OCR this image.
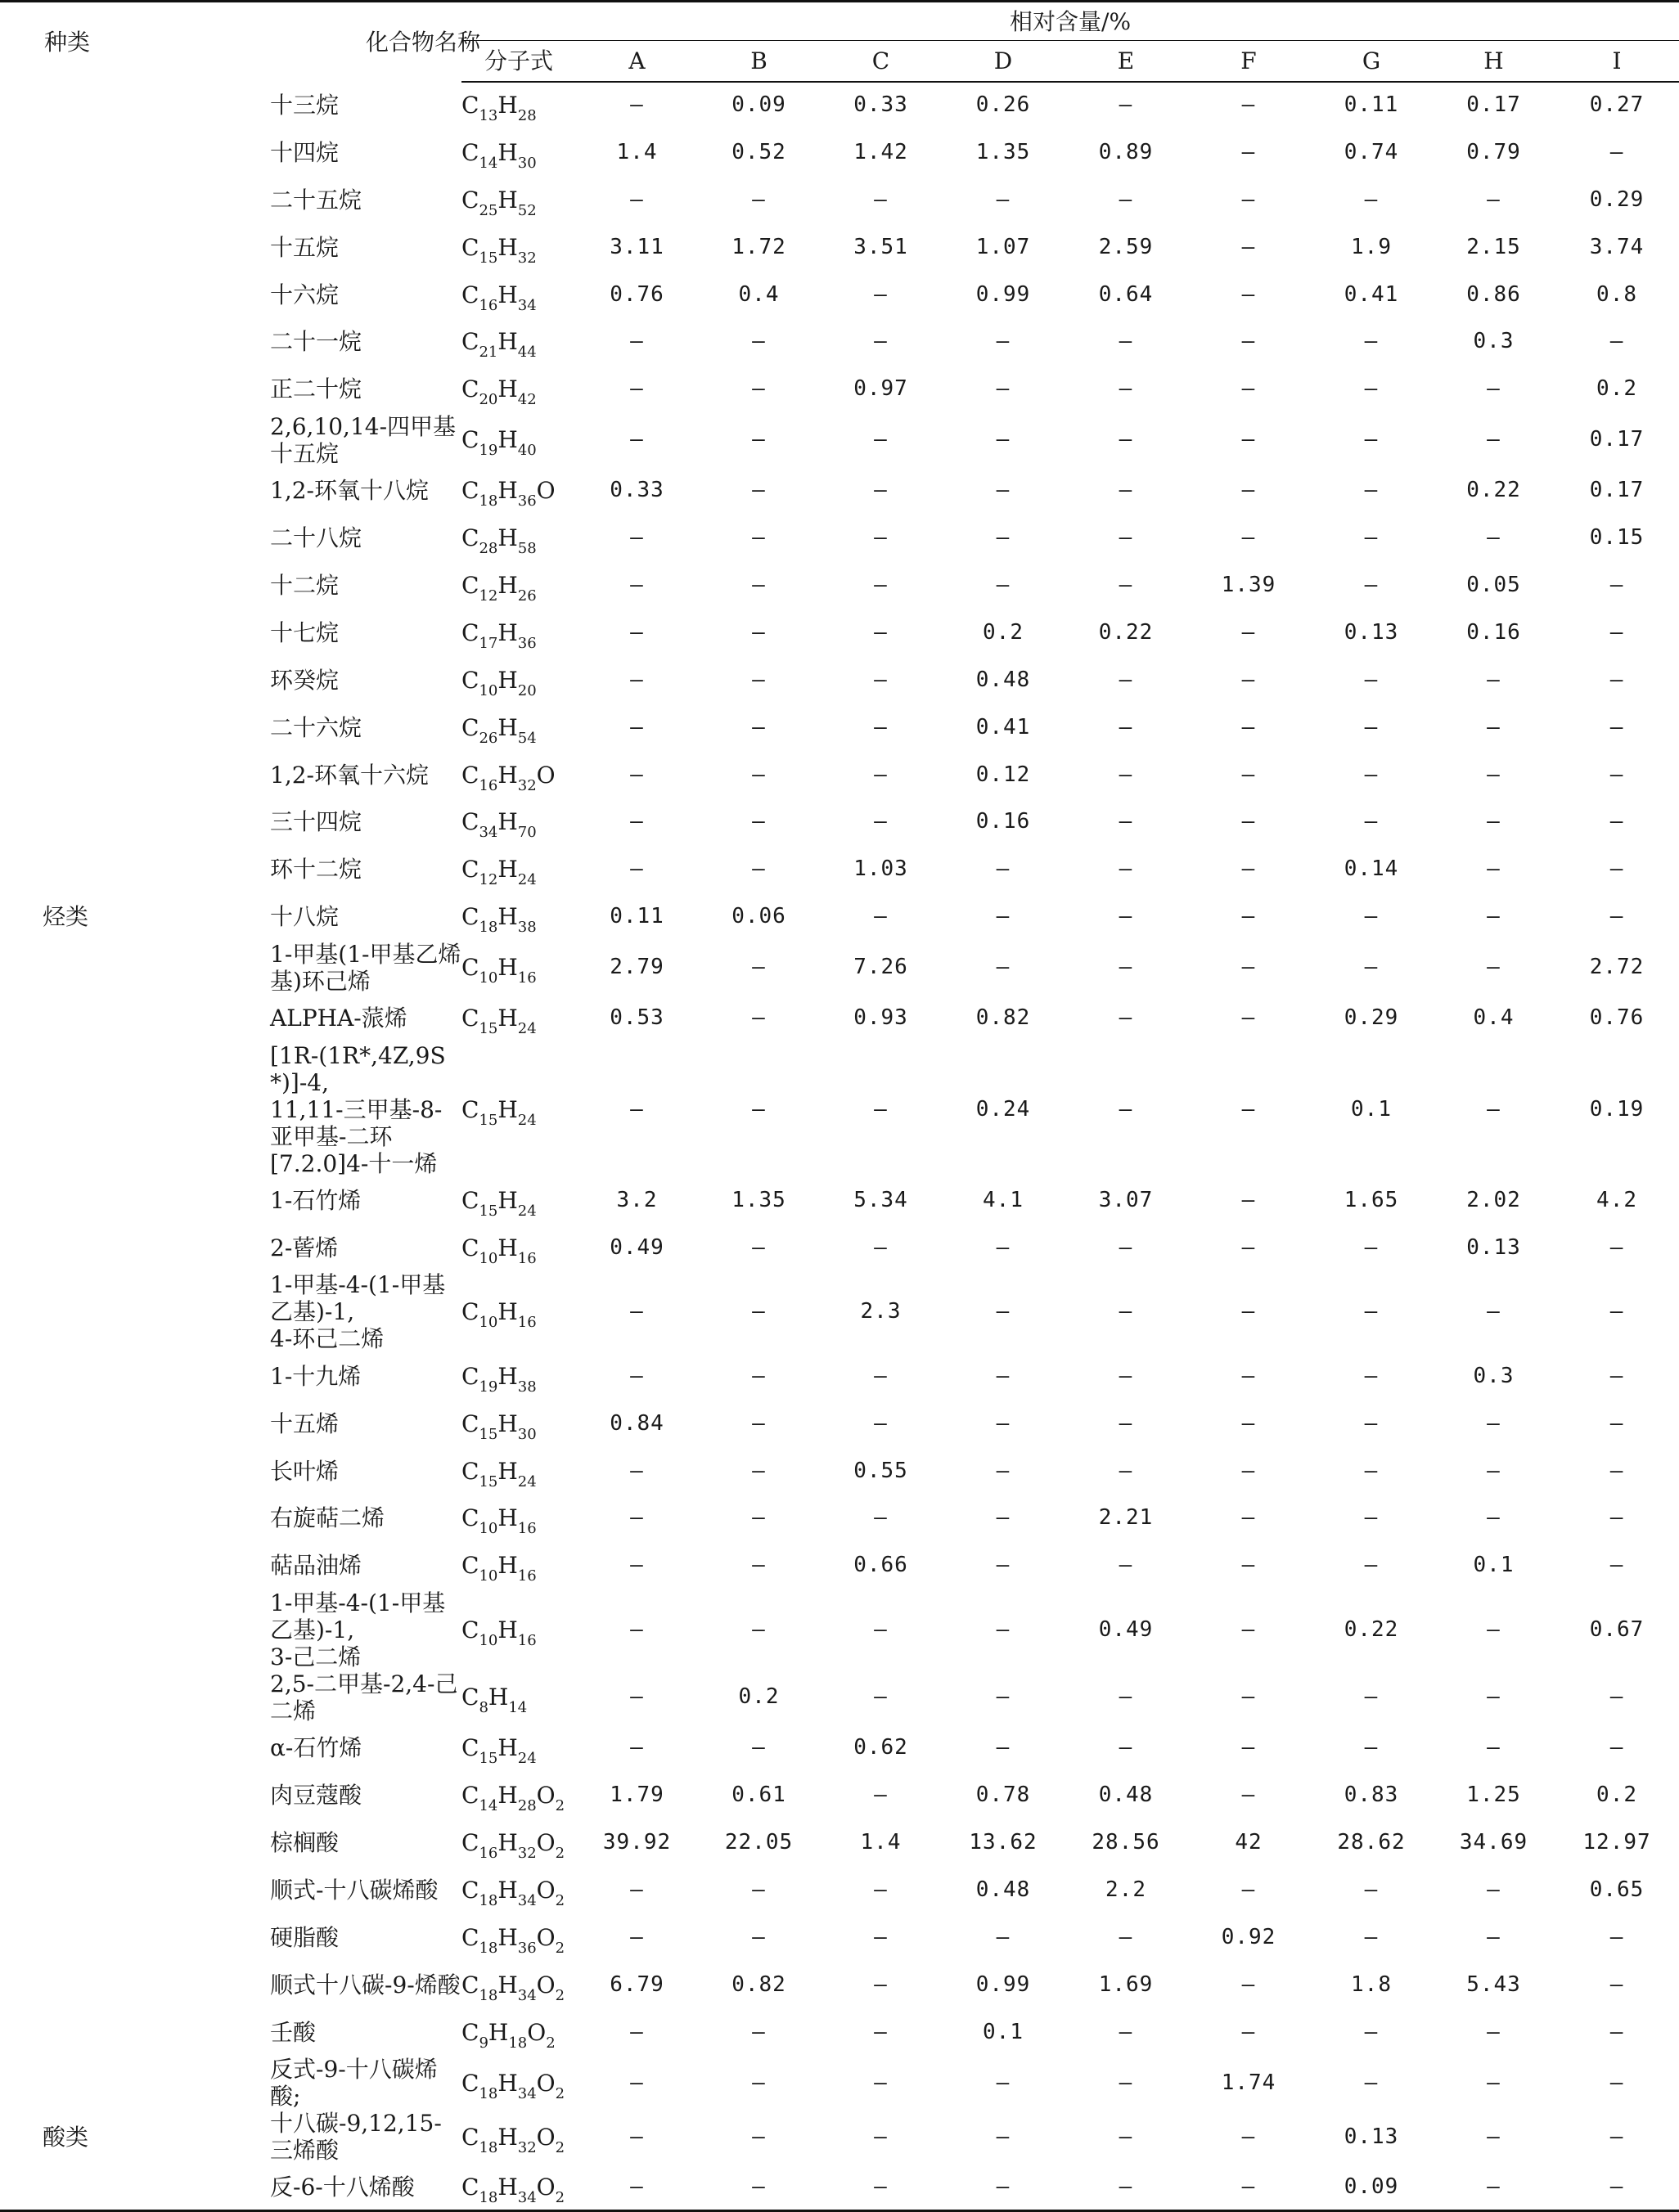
种类	化合物名称	相对含量/%									
		分子式	A	B	C	D	E	F	G	H	I

	十三烷	$C_{13}H_{28}$	—	0.09	0.33	0.26	—	—	0.11	0.17	0.27

	十四烷	$C_{14}H_{30}$	1.4	0.52	1.42	1.35	0.89	—	0.74	0.79	—

	二十五烷	$C_{25}H_{52}$	—	—	—	—	—	—	—	—	0.29

	十五烷	$C_{15}H_{32}$	3.11	1.72	3.51	1.07	2.59	—	1.9	2.15	3.74

	十六烷	$C_{16}H_{34}$	0.76	0.4	—	0.99	0.64	—	0.41	0.86	0.8

	二十一烷	$C_{21}H_{44}$	—	—	—	—	—	—	—	0.3	—

	正二十烷	$C_{20}H_{42}$	—	—	0.97	—	—	—	—	—	0.2

	2,6,10,14-四甲基十五烷	$C_{19}H_{40}$	—	—	—	—	—	—	—	—	0.17

	1,2-环氧十八烷	$C_{18}H_{36}O$	0.33	—	—	—	—	—	—	0.22	0.17

	二十八烷	$C_{28}H_{58}$	—	—	—	—	—	—	—	—	0.15

	十二烷	$C_{12}H_{26}$	—	—	—	—	—	1.39	—	0.05	—

	十七烷	$C_{17}H_{36}$	—	—	—	0.2	0.22	—	0.13	0.16	—

	环癸烷	$C_{10}H_{20}$	—	—	—	0.48	—	—	—	—	—

	二十六烷	$C_{26}H_{54}$	—	—	—	0.41	—	—	—	—	—

	1,2-环氧十六烷	$C_{16}H_{32}O$	—	—	—	0.12	—	—	—	—	—

	三十四烷	$C_{34}H_{70}$	—	—	—	0.16	—	—	—	—	—

	环十二烷	$C_{12}H_{24}$	—	—	1.03	—	—	—	0.14	—	—
烃类	十八烷	$C_{18}H_{38}$	0.11	0.06	—	—	—	—	—	—	—

	1-甲基(1-甲基乙烯基)环己烯	$C_{10}H_{16}$	2.79	—	7.26	—	—	—	—	—	2.72

	ALPHA-蒎烯	$C_{15}H_{24}$	0.53	—	0.93	0.82	—	—	0.29	0.4	0.76

	[1R-(1R*,4Z,9S*)]-4,
11,11-三甲基-8-亚甲基-二环
[7.2.0]4-十一烯	$C_{15}H_{24}$	—	—	—	0.24	—	—	0.1	—	0.19

	1-石竹烯	$C_{15}H_{24}$	3.2	1.35	5.34	4.1	3.07	—	1.65	2.02	4.2

	2-蒈烯	$C_{10}H_{16}$	0.49	—	—	—	—	—	—	0.13	—

	1-甲基-4-(1-甲基乙基)-1,
4-环己二烯	$C_{10}H_{16}$	—	—	2.3	—	—	—	—	—	—

	1-十九烯	$C_{19}H_{38}$	—	—	—	—	—	—	—	0.3	—

	十五烯	$C_{15}H_{30}$	0.84	—	—	—	—	—	—	—	—

	长叶烯	$C_{15}H_{24}$	—	—	0.55	—	—	—	—	—	—

	右旋萜二烯	$C_{10}H_{16}$	—	—	—	—	2.21	—	—	—	—

	萜品油烯	$C_{10}H_{16}$	—	—	0.66	—	—	—	—	0.1	—

	1-甲基-4-(1-甲基乙基)-1,
3-己二烯	$C_{10}H_{16}$	—	—	—	—	0.49	—	0.22	—	0.67

	2,5-二甲基-2,4-己二烯	$C_8H_{14}$	—	0.2	—	—	—	—	—	—	—

	α-石竹烯	$C_{15}H_{24}$	—	—	0.62	—	—	—	—	—	—

	肉豆蔻酸	$C_{14}H_{28}O_2$	1.79	0.61	—	0.78	0.48	—	0.83	1.25	0.2

	棕榈酸	$C_{16}H_{32}O_2$	39.92	22.05	1.4	13.62	28.56	42	28.62	34.69	12.97

	顺式-十八碳烯酸	$C_{18}H_{34}O_2$	—	—	—	0.48	2.2	—	—	—	0.65

	硬脂酸	$C_{18}H_{36}O_2$	—	—	—	—	—	0.92	—	—	—

	顺式十八碳-9-烯酸	$C_{18}H_{34}O_2$	6.79	0.82	—	0.99	1.69	—	1.8	5.43	—

	壬酸	$C_9H_{18}O_2$	—	—	—	0.1	—	—	—	—	—

	反式-9-十八碳烯酸;	$C_{18}H_{34}O_2$	—	—	—	—	—	1.74	—	—	—
酸类	十八碳-9,12,15-三烯酸	$C_{18}H_{32}O_2$	—	—	—	—	—	—	0.13	—	—

	反-6-十八烯酸	$C_{18}H_{34}O_2$	—	—	—	—	—	—	0.09	—	—
